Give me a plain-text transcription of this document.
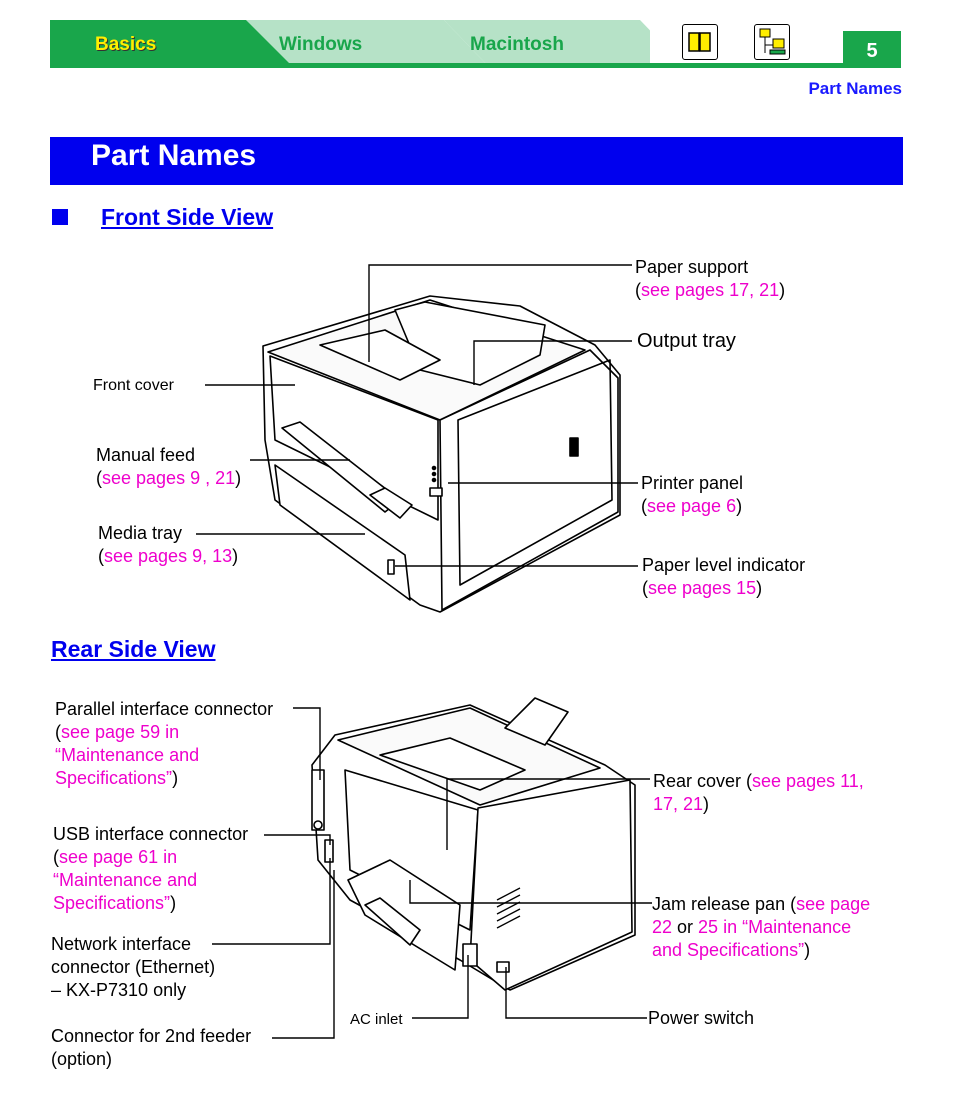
Basics	Windows	Macintosh	5
Part Names
Part Names
Front Side View
Paper support
(see pages 17, 21)
Output tray
Front cover
Manual feed
(see pages 9 , 21)	Printer panel
(see page 6)
Media tray
(see pages 9, 13)	Paper level indicator
(see pages 15)
Rear Side View
Parallel interface connector
(see page 59 in
“Maintenance and
Specifications”)
USB interface connector
(see page 61 in
“Maintenance and
Specifications”)
Network interface
connector (Ethernet)
– KX-P7310 only
Connector for 2nd feeder
(option)
AC inlet
Rear cover (see pages 11,
17, 21)
Jam release pan (see page
22 or 25 in “Maintenance
and Specifications”)
Power switch
